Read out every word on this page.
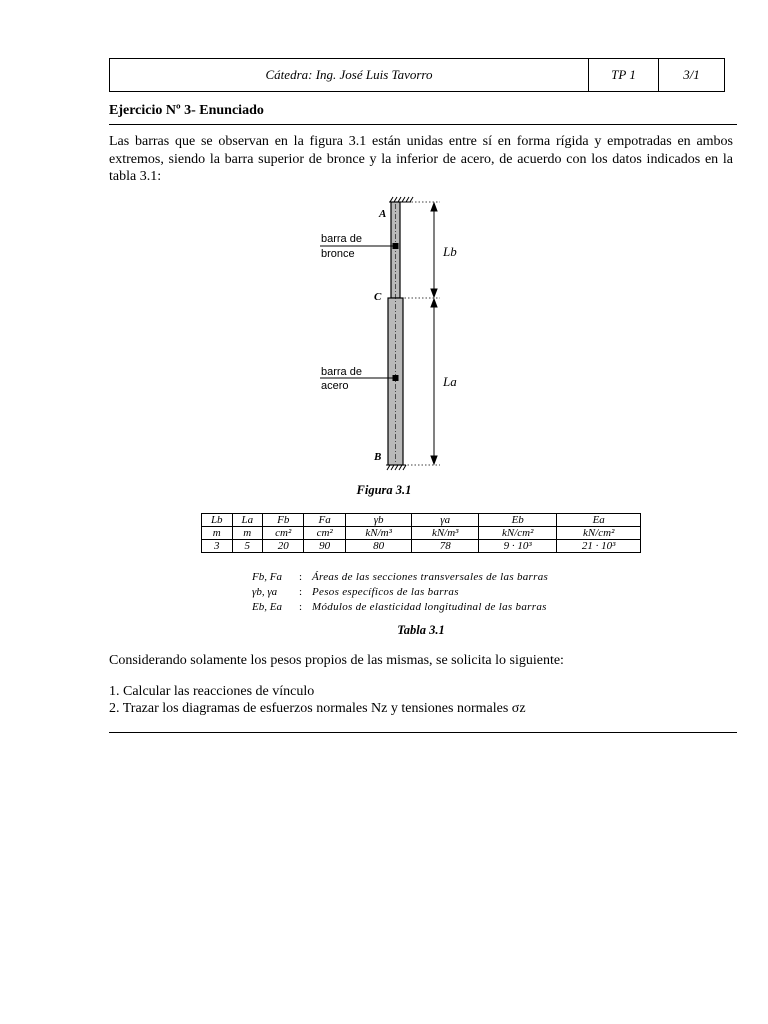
Cátedra: Ing. José Luis Tavorro	TP 1	3/1
Ejercicio Nº 3- Enunciado
Las barras que se observan en la figura 3.1 están unidas entre sí en forma rígida y empotradas en ambos extremos, siendo la barra superior de bronce y la inferior de acero, de acuerdo con los datos indicados en la tabla 3.1:
barra de
bronce
barra de
acero
A
C
B
Lb
La
Figura 3.1
Lb	La	Fb	Fa	γb	γa	Eb	Ea
m	m	cm²	cm²	kN/m³	kN/m³	kN/cm²	kN/cm²
3	5	20	90	80	78	9 · 10³	21 · 10³
Fb, Fa	: Áreas de las secciones transversales de las barras
γb, γa	: Pesos específicos de las barras
Eb, Ea	: Módulos de elasticidad longitudinal de las barras
Tabla 3.1
Considerando solamente los pesos propios de las mismas, se solicita lo siguiente:
1. Calcular las reacciones de vínculo
2. Trazar los diagramas de esfuerzos normales Nz y tensiones normales σz
